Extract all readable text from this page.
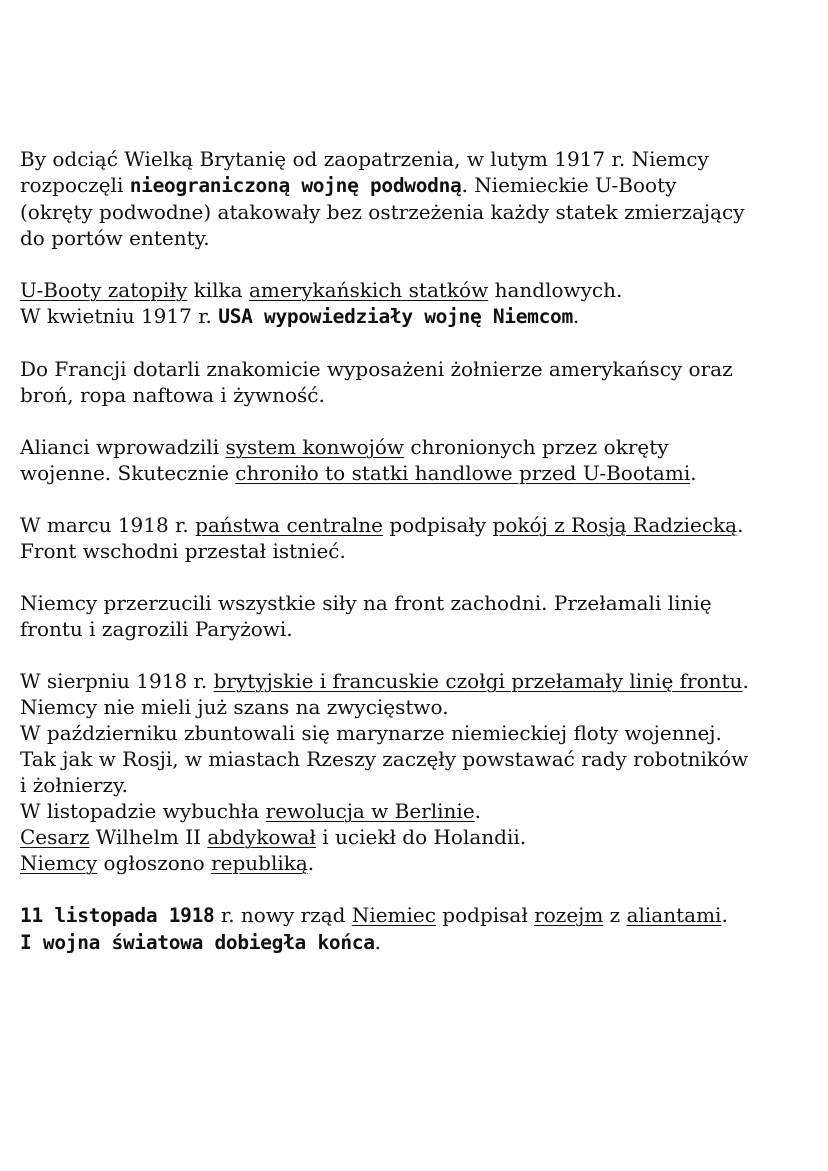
By odciąć Wielką Brytanię od zaopatrzenia, w lutym 1917 r. Niemcy
rozpoczęli nieograniczoną wojnę podwodną. Niemieckie U-Booty
(okręty podwodne) atakowały bez ostrzeżenia każdy statek zmierzający
do portów ententy.

U-Booty zatopiły kilka amerykańskich statków handlowych.
W kwietniu 1917 r. USA wypowiedziały wojnę Niemcom.

Do Francji dotarli znakomicie wyposażeni żołnierze amerykańscy oraz
broń, ropa naftowa i żywność.

Alianci wprowadzili system konwojów chronionych przez okręty
wojenne. Skutecznie chroniło to statki handlowe przed U-Bootami.

W marcu 1918 r. państwa centralne podpisały pokój z Rosją Radziecką.
Front wschodni przestał istnieć.

Niemcy przerzucili wszystkie siły na front zachodni. Przełamali linię
frontu i zagrozili Paryżowi.

W sierpniu 1918 r. brytyjskie i francuskie czołgi przełamały linię frontu.
Niemcy nie mieli już szans na zwycięstwo.
W październiku zbuntowali się marynarze niemieckiej floty wojennej.
Tak jak w Rosji, w miastach Rzeszy zaczęły powstawać rady robotników
i żołnierzy.
W listopadzie wybuchła rewolucja w Berlinie.
Cesarz Wilhelm II abdykował i uciekł do Holandii.
Niemcy ogłoszono republiką.

11 listopada 1918 r. nowy rząd Niemiec podpisał rozejm z aliantami.
I wojna światowa dobiegła końca.
